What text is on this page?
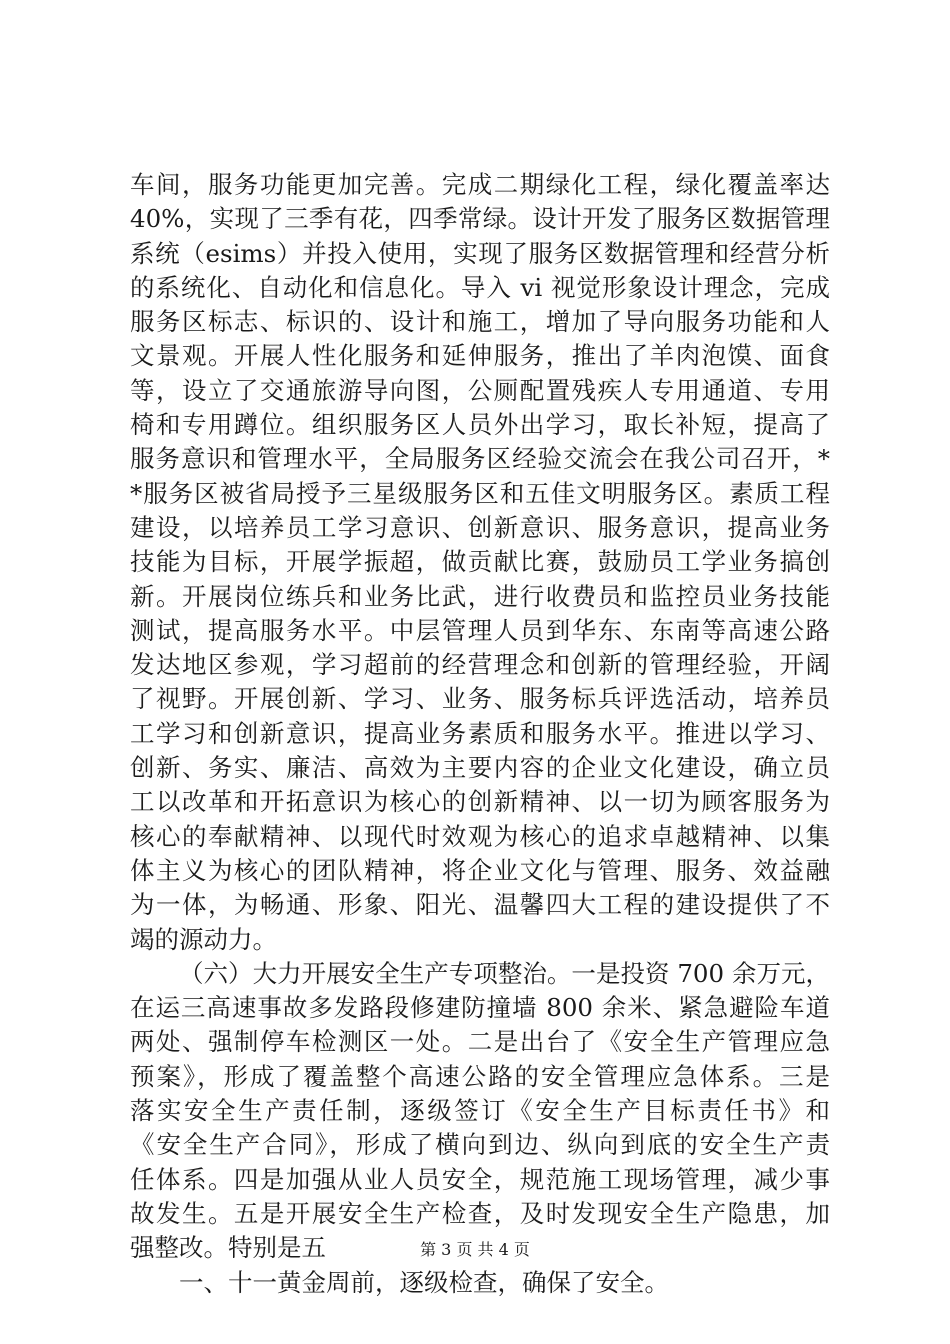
车间，服务功能更加完善。完成二期绿化工程，绿化覆盖率达
40%，实现了三季有花，四季常绿。设计开发了服务区数据管理
系统（esims）并投入使用，实现了服务区数据管理和经营分析
的系统化、自动化和信息化。导入 vi 视觉形象设计理念，完成
服务区标志、标识的、设计和施工，增加了导向服务功能和人
文景观。开展人性化服务和延伸服务，推出了羊肉泡馍、面食
等，设立了交通旅游导向图，公厕配置残疾人专用通道、专用
椅和专用蹲位。组织服务区人员外出学习，取长补短，提高了
服务意识和管理水平，全局服务区经验交流会在我公司召开，*
*服务区被省局授予三星级服务区和五佳文明服务区。素质工程
建设，以培养员工学习意识、创新意识、服务意识，提高业务
技能为目标，开展学振超，做贡献比赛，鼓励员工学业务搞创
新。开展岗位练兵和业务比武，进行收费员和监控员业务技能
测试，提高服务水平。中层管理人员到华东、东南等高速公路
发达地区参观，学习超前的经营理念和创新的管理经验，开阔
了视野。开展创新、学习、业务、服务标兵评选活动，培养员
工学习和创新意识，提高业务素质和服务水平。推进以学习、
创新、务实、廉洁、高效为主要内容的企业文化建设，确立员
工以改革和开拓意识为核心的创新精神、以一切为顾客服务为
核心的奉献精神、以现代时效观为核心的追求卓越精神、以集
体主义为核心的团队精神，将企业文化与管理、服务、效益融
为一体，为畅通、形象、阳光、温馨四大工程的建设提供了不
竭的源动力。
（六）大力开展安全生产专项整治。一是投资 700 余万元，
在运三高速事故多发路段修建防撞墙 800 余米、紧急避险车道
两处、强制停车检测区一处。二是出台了《安全生产管理应急
预案》，形成了覆盖整个高速公路的安全管理应急体系。三是
落实安全生产责任制，逐级签订《安全生产目标责任书》和
《安全生产合同》，形成了横向到边、纵向到底的安全生产责
任体系。四是加强从业人员安全，规范施工现场管理，减少事
故发生。五是开展安全生产检查，及时发现安全生产隐患，加
强整改。特别是五
一、十一黄金周前，逐级检查，确保了安全。
第 3 页 共 4 页
